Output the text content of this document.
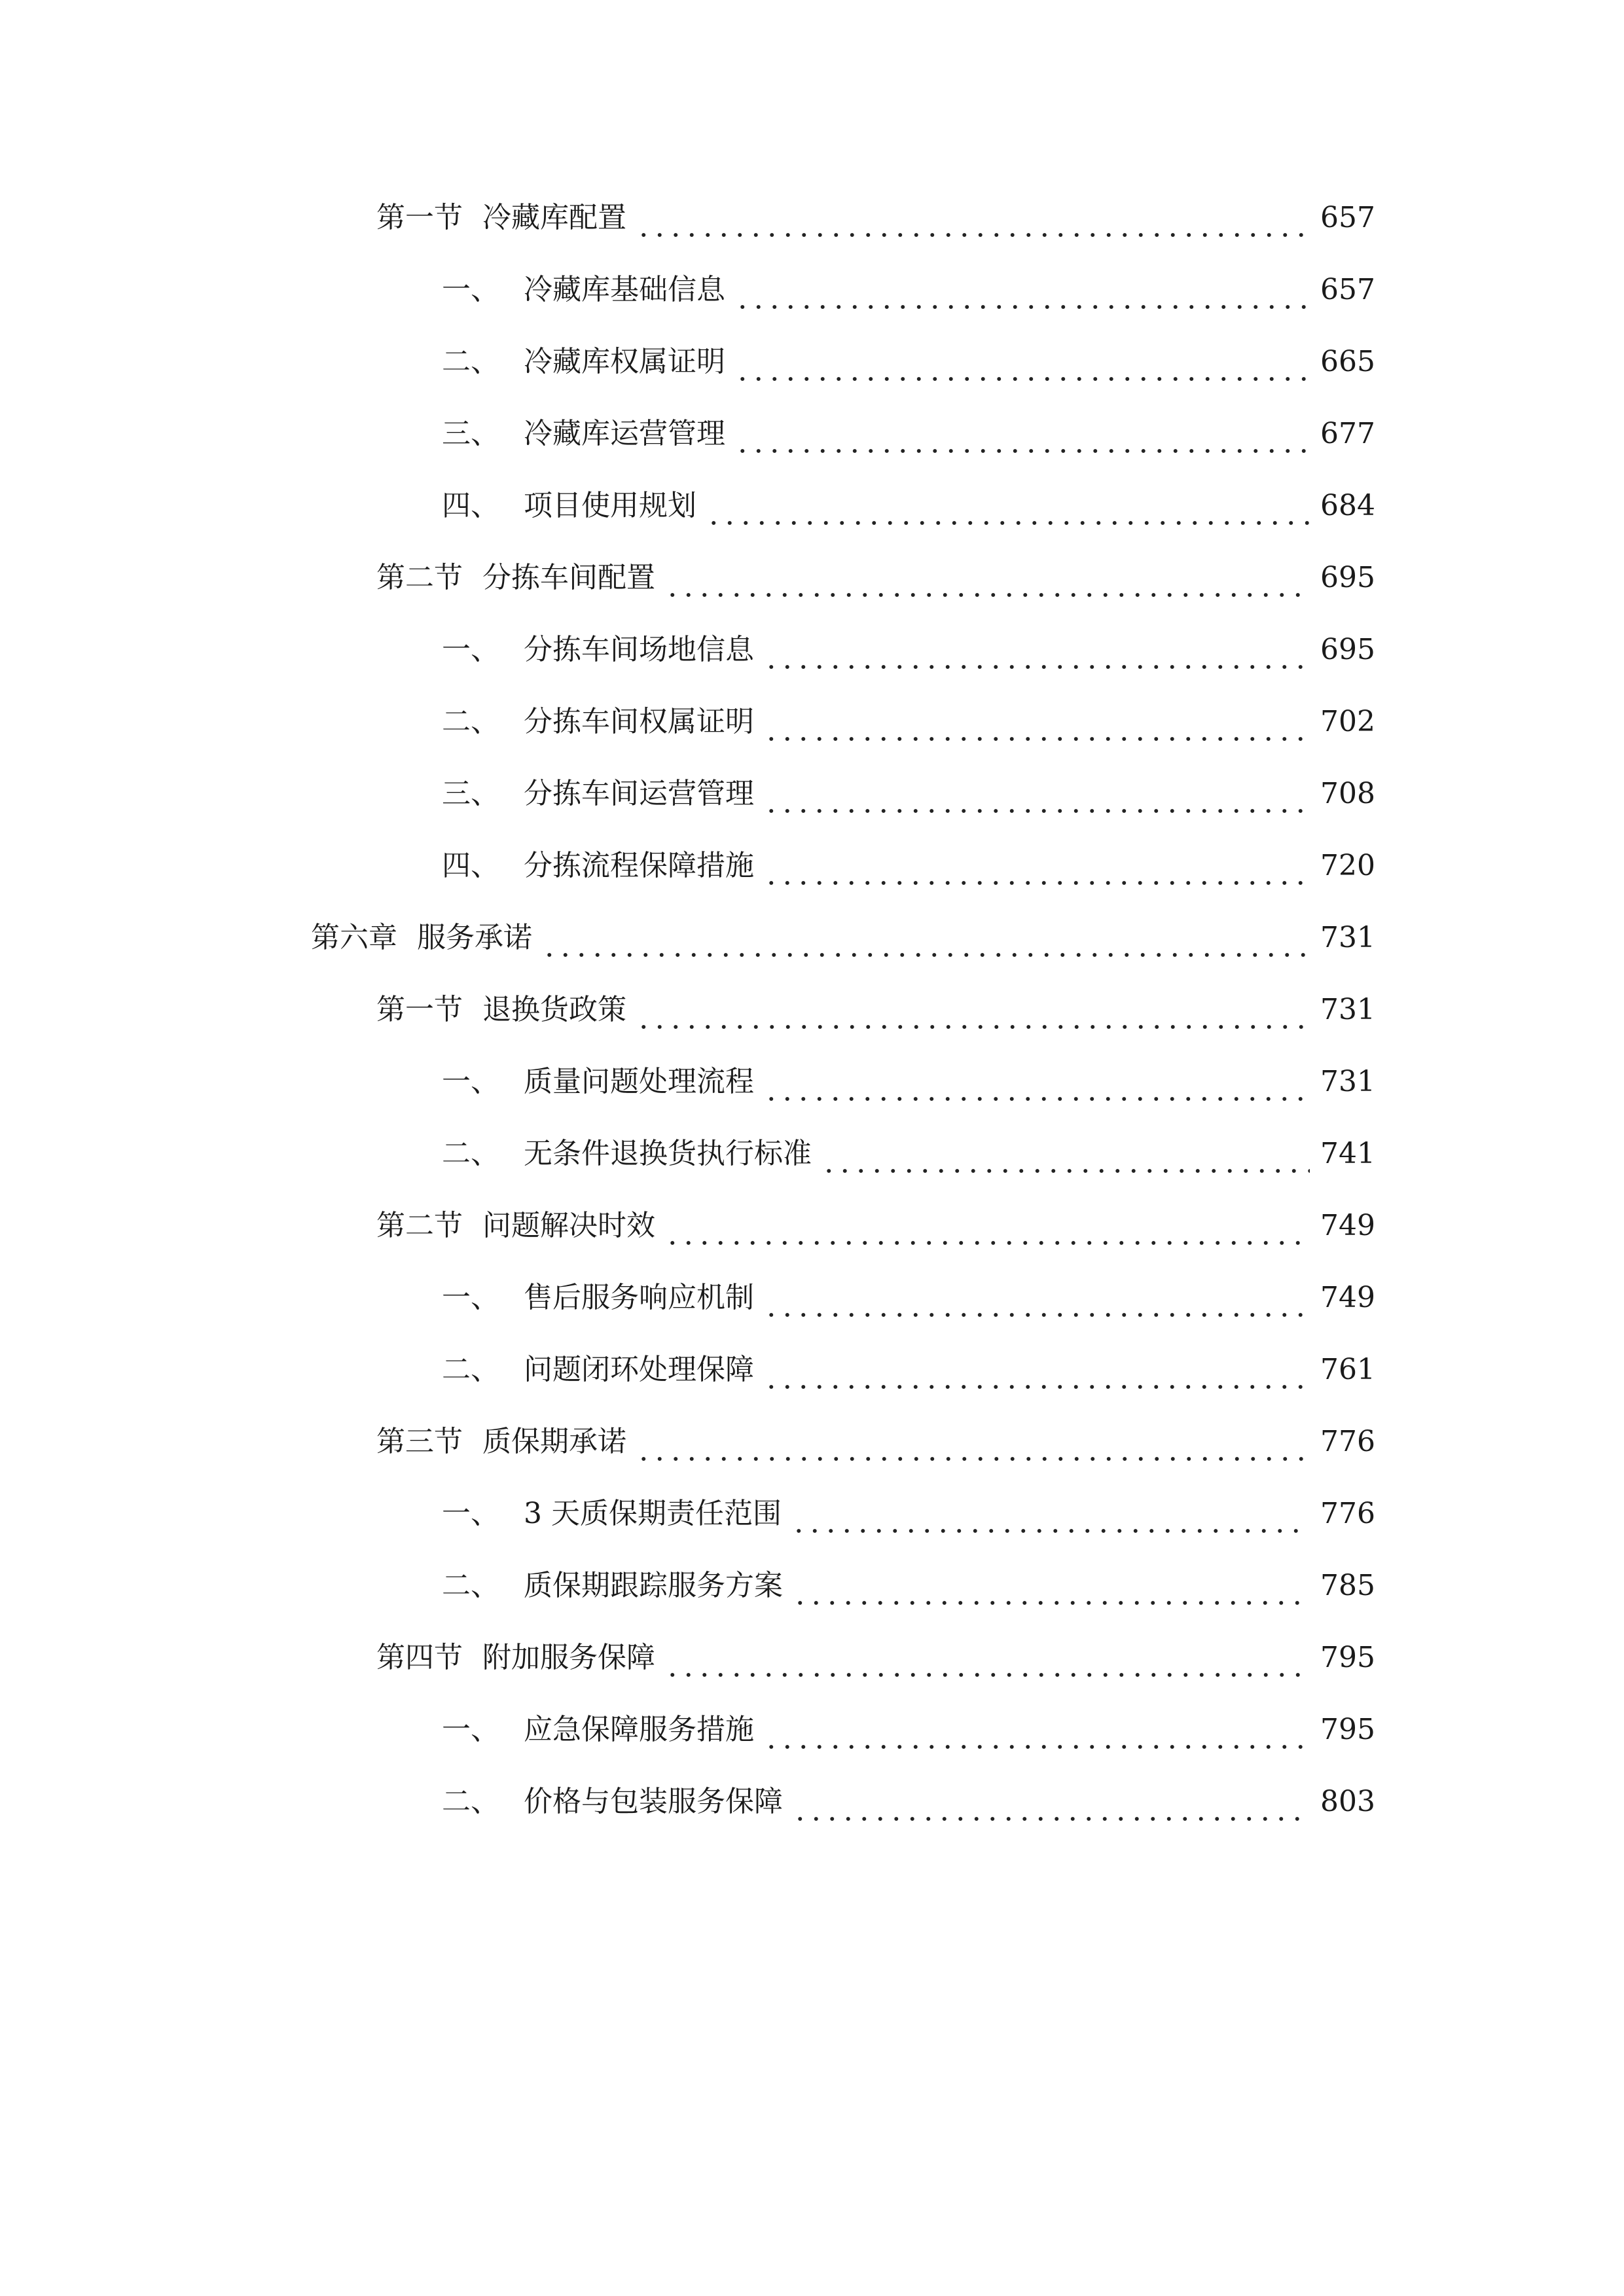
第一节 冷藏库配置	657
一、 冷藏库基础信息	657
二、 冷藏库权属证明	665
三、 冷藏库运营管理	677
四、 项目使用规划	684
第二节 分拣车间配置	695
一、 分拣车间场地信息	695
二、 分拣车间权属证明	702
三、 分拣车间运营管理	708
四、 分拣流程保障措施	720
第六章 服务承诺	731
第一节 退换货政策	731
一、 质量问题处理流程	731
二、 无条件退换货执行标准	741
第二节 问题解决时效	749
一、 售后服务响应机制	749
二、 问题闭环处理保障	761
第三节 质保期承诺	776
一、 3 天质保期责任范围	776
二、 质保期跟踪服务方案	785
第四节 附加服务保障	795
一、 应急保障服务措施	795
二、 价格与包装服务保障	803
